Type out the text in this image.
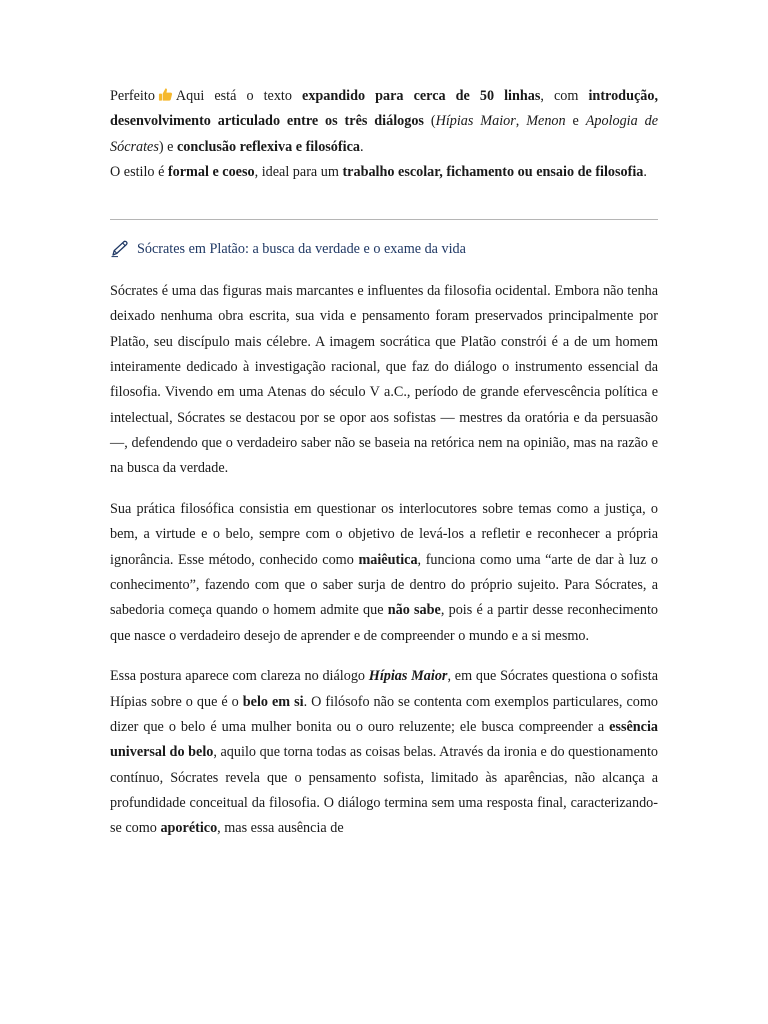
Perfeito Aqui está o texto expandido para cerca de 50 linhas, com introdução, desenvolvimento articulado entre os três diálogos (Hípias Maior, Menon e Apologia de Sócrates) e conclusão reflexiva e filosófica.

O estilo é formal e coeso, ideal para um trabalho escolar, fichamento ou ensaio de filosofia.

Sócrates em Platão: a busca da verdade e o exame da vida

Sócrates é uma das figuras mais marcantes e influentes da filosofia ocidental. Embora não tenha deixado nenhuma obra escrita, sua vida e pensamento foram preservados principalmente por Platão, seu discípulo mais célebre. A imagem socrática que Platão constrói é a de um homem inteiramente dedicado à investigação racional, que faz do diálogo o instrumento essencial da filosofia. Vivendo em uma Atenas do século V a.C., período de grande efervescência política e intelectual, Sócrates se destacou por se opor aos sofistas — mestres da oratória e da persuasão —, defendendo que o verdadeiro saber não se baseia na retórica nem na opinião, mas na razão e na busca da verdade.

Sua prática filosófica consistia em questionar os interlocutores sobre temas como a justiça, o bem, a virtude e o belo, sempre com o objetivo de levá-los a refletir e reconhecer a própria ignorância. Esse método, conhecido como maiêutica, funciona como uma “arte de dar à luz o conhecimento”, fazendo com que o saber surja de dentro do próprio sujeito. Para Sócrates, a sabedoria começa quando o homem admite que não sabe, pois é a partir desse reconhecimento que nasce o verdadeiro desejo de aprender e de compreender o mundo e a si mesmo.

Essa postura aparece com clareza no diálogo Hípias Maior, em que Sócrates questiona o sofista Hípias sobre o que é o belo em si. O filósofo não se contenta com exemplos particulares, como dizer que o belo é uma mulher bonita ou o ouro reluzente; ele busca compreender a essência universal do belo, aquilo que torna todas as coisas belas. Através da ironia e do questionamento contínuo, Sócrates revela que o pensamento sofista, limitado às aparências, não alcança a profundidade conceitual da filosofia. O diálogo termina sem uma resposta final, caracterizando-se como aporético, mas essa ausência de
